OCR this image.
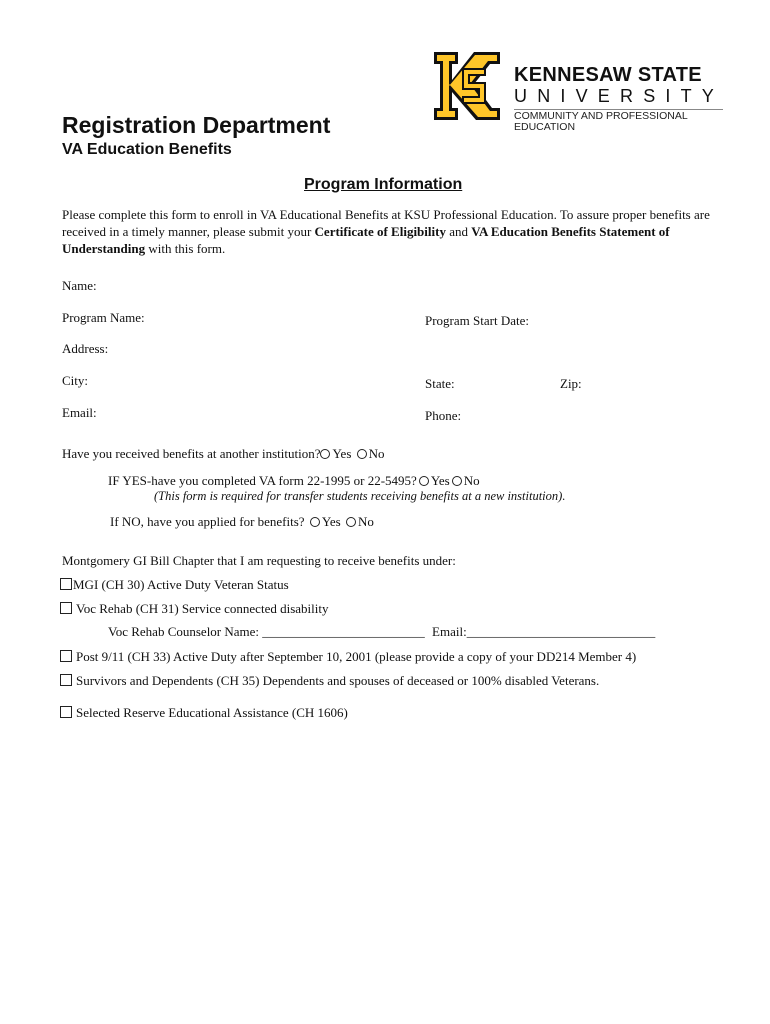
KENNESAW STATE
UNIVERSITY
COMMUNITY AND PROFESSIONAL EDUCATION
Registration Department
VA Education Benefits
Program Information
Please complete this form to enroll in VA Educational Benefits at KSU Professional Education. To assure proper benefits are received in a timely manner, please submit your Certificate of Eligibility and VA Education Benefits Statement of Understanding with this form.
Name:
Program Name:	Program Start Date:
Address:
City:	State:	Zip:
Email:	Phone:
Have you received benefits at another institution? Yes No
IF YES-have you completed VA form 22-1995 or 22-5495? Yes No
(This form is required for transfer students receiving benefits at a new institution).
If NO, have you applied for benefits? Yes No
Montgomery GI Bill Chapter that I am requesting to receive benefits under:
MGI (CH 30) Active Duty Veteran Status
Voc Rehab (CH 31) Service connected disability
Voc Rehab Counselor Name: _________________________ Email:_____________________________
Post 9/11 (CH 33) Active Duty after September 10, 2001 (please provide a copy of your DD214 Member 4)
Survivors and Dependents (CH 35) Dependents and spouses of deceased or 100% disabled Veterans.
Selected Reserve Educational Assistance (CH 1606)
